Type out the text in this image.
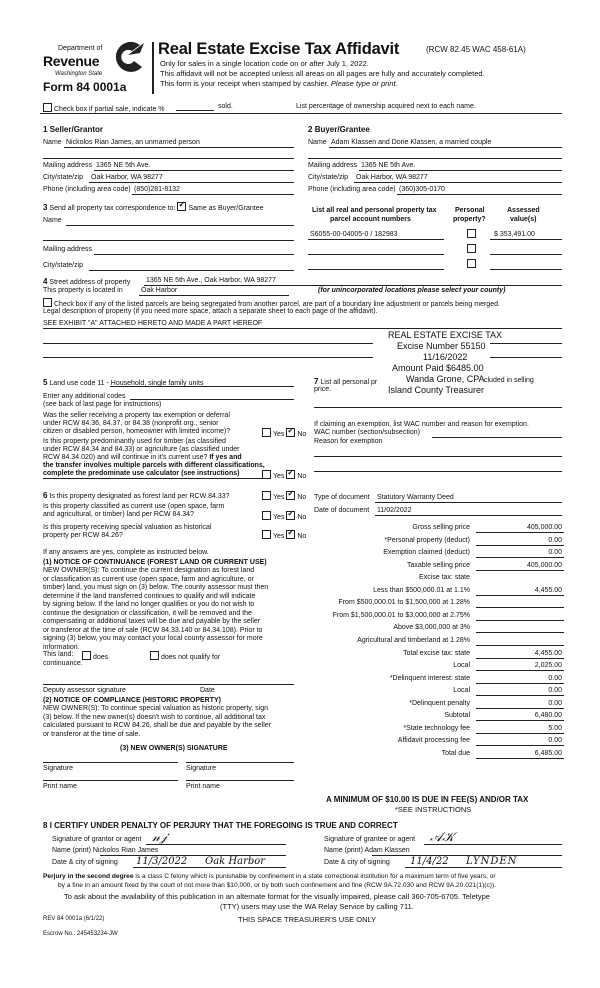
Department of
Revenue
Washington State
Form 84 0001a
Real Estate Excise Tax Affidavit	(RCW 82.45 WAC 458-61A)
Only for sales in a single location code on or after July 1, 2022.
This affidavit will not be accepted unless all areas on all pages are fully and accurately completed.
This form is your receipt when stamped by cashier. Please type or print.
Check box if partial sale, indicate %	sold.	List percentage of ownership acquired next to each name.
1 Seller/Grantor
Name Nickolos Rian James, an unmarried person
Mailing address 1365 NE 5th Ave.
City/state/zip Oak Harbor, WA 98277
Phone (including area code) (850)281-8132
2 Buyer/Grantee
Name Adam Klassen and Dorie Klassen, a married couple
Mailing address 1365 NE 5th Ave.
City/state/zip Oak Harbor, WA 98277
Phone (including area code) (360)305-0170
3 Send all property tax correspondence to: ✓ Same as Buyer/Grantee
Name
Mailing address
City/state/zip
List all real and personal property tax
parcel account numbers
Personal
property?
Assessed
value(s)
S6055-00-04005-0 / 182983	$ 353,491.00
4 Street address of property 1365 NE 5th Ave., Oak Harbor, WA 98277
This property is located in	Oak Harbor	(for unincorporated locations please select your county)
Check box if any of the listed parcels are being segregated from another parcel, are part of a boundary line adjustment or parcels being merged.
Legal description of property (if you need more space, attach a separate sheet to each page of the affidavit).
SEE EXHIBIT "A" ATTACHED HERETO AND MADE A PART HEREOF
REAL ESTATE EXCISE TAX
Excise Number 55150
11/16/2022
Amount Paid $6485.00
Wanda Grone, CPA
Island County Treasurer
5 Land use code 11 - Household, single family units
Enter any additional codes
(see back of last page for instructions)
Was the seller receiving a property tax exemption or deferral
under RCW 84.36, 84.37, or 84.38 (nonprofit org., senior
citizen or disabled person, homeowner with limited income)?	Yes ✓ No
Is this property predominantly used for timber (as classified
under RCW 84.34 and 84.33) or agriculture (as classified under
RCW 84.34.020) and will continue in it's current use? If yes and
the transfer involves multiple parcels with different classifications,
complete the predominate use calculator (see instructions)	Yes ✓ No
7 List all personal pr	cluded in selling
price.
If claiming an exemption, list WAC number and reason for exemption.
WAC number (section/subsection)
Reason for exemption
6 Is this property designated as forest land per RCW 84.33?	Yes ✓ No
Is this property classified as current use (open space, farm
and agricultural, or timber) land per RCW 84.34?	Yes ✓ No
Is this property receiving special valuation as historical
property per RCW 84.26?	Yes ✓ No
If any answers are yes, complete as instructed below.
(1) NOTICE OF CONTINUANCE (FOREST LAND OR CURRENT USE)
NEW OWNER(S): To continue the current designation as forest land
or classification as current use (open space, farm and agriculture, or
timber) land, you must sign on (3) below. The county assessor must then
determine if the land transferred continues to qualify and will indicate
by signing below. If the land no longer qualifies or you do not wish to
continue the designation or classification, it will be removed and the
compensating or additional taxes will be due and payable by the seller
or transferor at the time of sale (RCW 84.33.140 or 84.34.108). Prior to
signing (3) below, you may contact your local county assessor for more
information.
This land:	does	does not qualify for
continuance.
Deputy assessor signature	Date
(2) NOTICE OF COMPLIANCE (HISTORIC PROPERTY)
NEW OWNER(S): To continue special valuation as historic property, sign
(3) below. If the new owner(s) doesn't wish to continue, all additional tax
calculated pursuant to RCW 84.26, shall be due and payable by the seller
or transferor at the time of sale.
(3) NEW OWNER(S) SIGNATURE
Signature	Signature
Print name	Print name
Type of document Statutory Warranty Deed
Date of document 11/02/2022
Gross selling price	405,000.00
*Personal property (deduct)	0.00
Exemption claimed (deduct)	0.00
Taxable selling price	405,000.00
Excise tax: state
Less than $500,000.01 at 1.1%	4,455.00
From $500,000.01 to $1,500,000 at 1.28%
From $1,500,000.01 to $3,000,000 at 2.75%
Above $3,000,000 at 3%
Agricultural and timberland at 1.28%
Total excise tax: state	4,455.00
Local	2,025.00
*Delinquent interest: state	0.00
Local	0.00
*Delinquent penalty	0.00
Subtotal	6,480.00
*State technology fee	5.00
Affidavit processing fee	0.00
Total due	6,485.00
A MINIMUM OF $10.00 IS DUE IN FEE(S) AND/OR TAX
*SEE INSTRUCTIONS
8 I CERTIFY UNDER PENALTY OF PERJURY THAT THE FOREGOING IS TRUE AND CORRECT
Signature of grantor or agent 𝓃𝒿
Name (print) Nickolos Rian James
Date & city of signing 11/3/2022 Oak Harbor
Signature of grantee or agent 𝒜𝒦
Name (print) Adam Klassen
Date & city of signing 11/4/22 LYNDEN
Perjury in the second degree is a class C felony which is punishable by confinement in a state correctional institution for a maximum term of five years, or
by a fine in an amount fixed by the court of not more than $10,000, or by both such confinement and fine (RCW 9A.72.030 and RCW 9A.20.021(1)(c)).
To ask about the availability of this publication in an alternate format for the visually impaired, please call 360-705-6705. Teletype
(TTY) users may use the WA Relay Service by calling 711.
REV 84 0001a (6/1/22)	THIS SPACE TREASURER'S USE ONLY
Escrow No.: 245453234-JW
